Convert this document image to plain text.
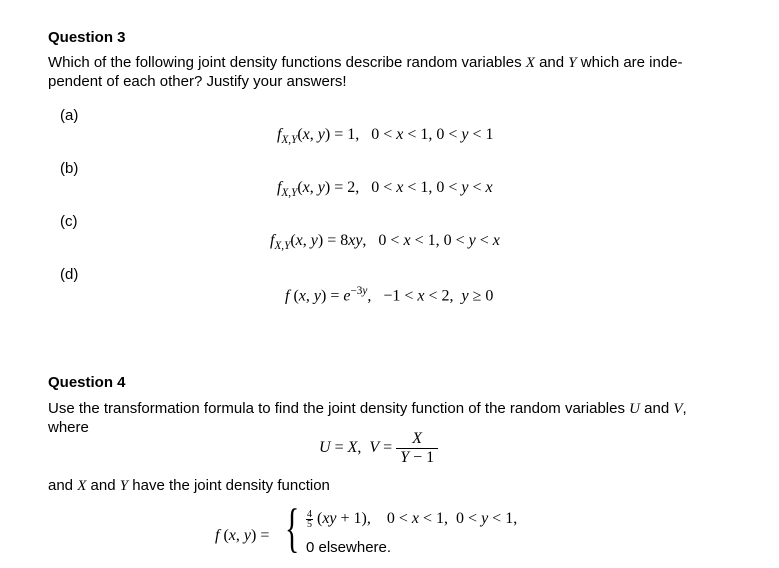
Question 3
Which of the following joint density functions describe random variables X and Y which are inde-
pendent of each other? Justify your answers!
(a)
$f_{X,Y}(x$, y) = 1,   0 < x < 1, 0 < y < 1
(b)
$f_{X,Y}(x$, y) = 2,   0 < x < 1, 0 < y < x
(c)
$f_{X,Y}(x$, y) = 8xy,   0 < x < 1, 0 < y < x
(d)
f (x, $y) = e^{-3y}$,   −1 < x < 2,  y ≥ 0
Question 4
Use the transformation formula to find the joint density function of the random variables U and V,
where
U = X,  $V = \frac{X}{Y - 1}$
and X and Y have the joint density function
f (x, y) = { $\frac{4}{5} (xy + 1)$,    0 < x < 1,  0 < y < 1,
0 elsewhere.
